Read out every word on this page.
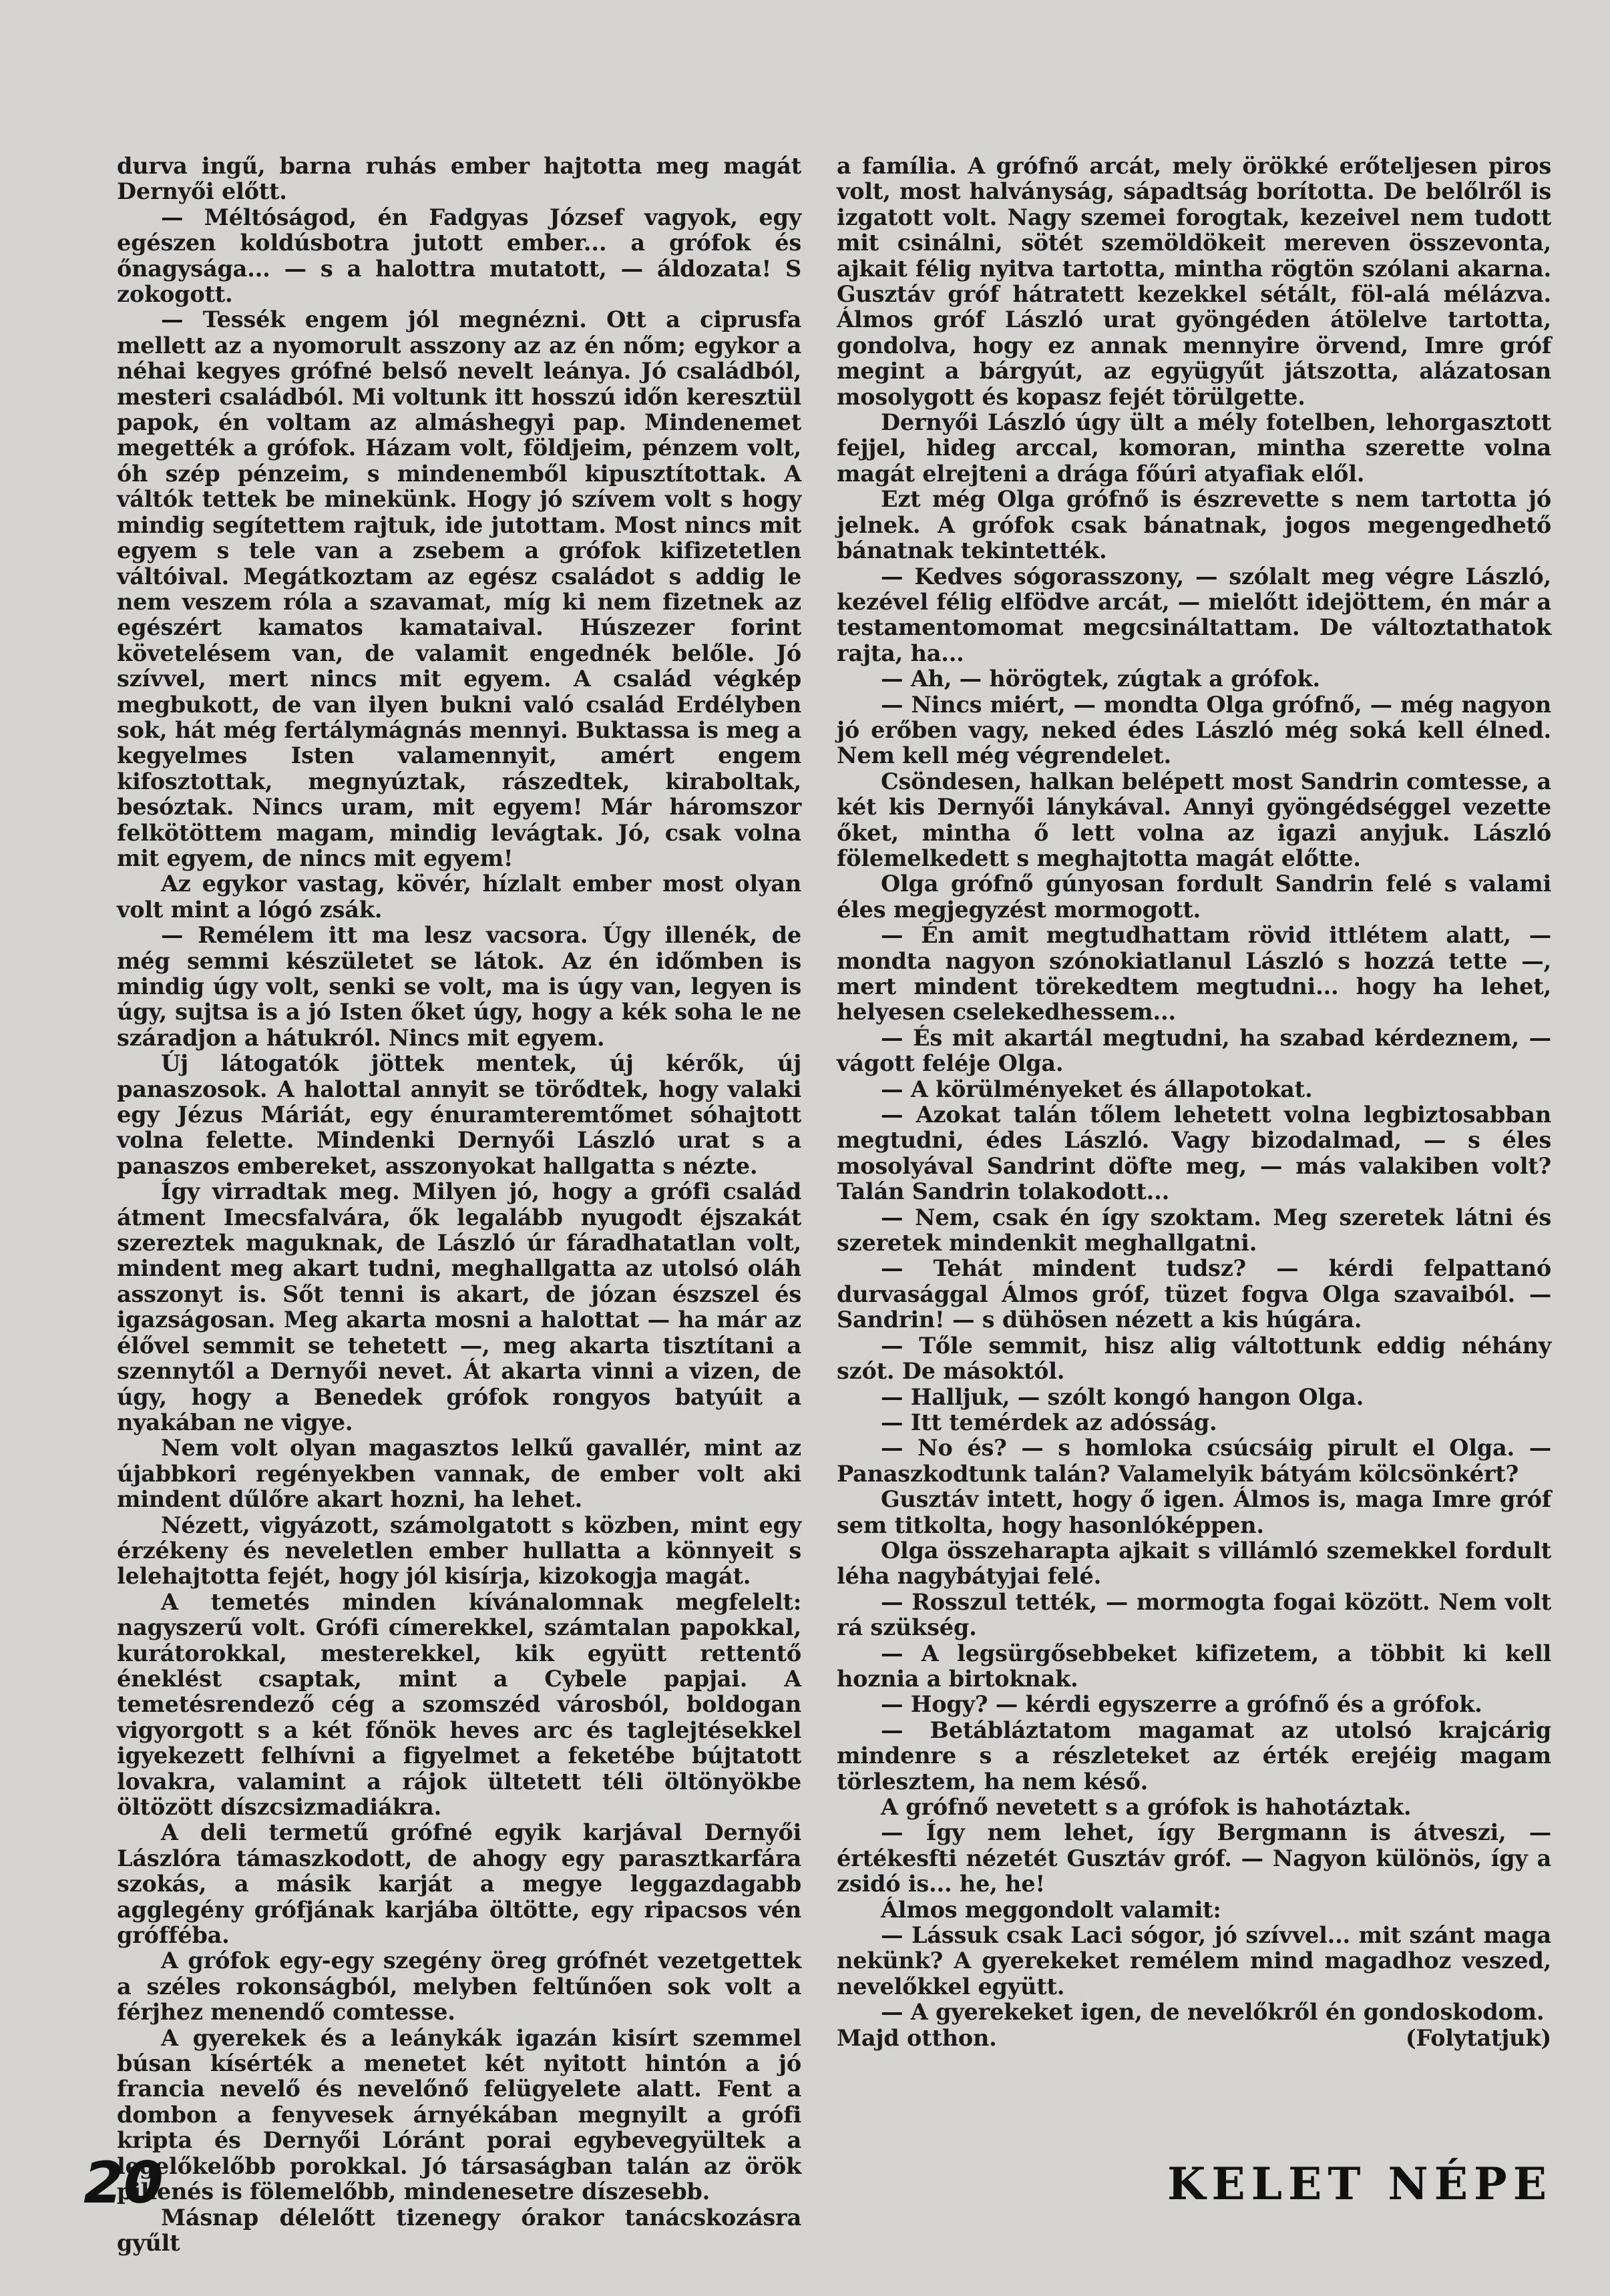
durva ingű, barna ruhás ember hajtotta meg magát Dernyői előtt.

— Méltóságod, én Fadgyas József vagyok, egy egészen koldúsbotra jutott ember... a grófok és őnagysága... — s a halottra mutatott, — áldozata! S zokogott.

— Tessék engem jól megnézni. Ott a ciprusfa mellett az a nyomorult asszony az az én nőm; egykor a néhai kegyes grófné belső nevelt leánya. Jó családból, mesteri családból. Mi voltunk itt hosszú időn keresztül papok, én voltam az almáshegyi pap. Mindenemet megették a grófok. Házam volt, földjeim, pénzem volt, óh szép pénzeim, s mindenemből kipusztítottak. A váltók tettek be minekünk. Hogy jó szívem volt s hogy mindig segítettem rajtuk, ide jutottam. Most nincs mit egyem s tele van a zsebem a grófok kifizetetlen váltóival. Megátkoztam az egész családot s addig le nem veszem róla a szavamat, míg ki nem fizetnek az egészért kamatos kamataival. Húszezer forint követelésem van, de valamit engednék belőle. Jó szívvel, mert nincs mit egyem. A család végkép megbukott, de van ilyen bukni való család Erdélyben sok, hát még fertálymágnás mennyi. Buktassa is meg a kegyelmes Isten valamennyit, amért engem kifosztottak, megnyúztak, rászedtek, kiraboltak, besóztak. Nincs uram, mit egyem! Már háromszor felkötöttem magam, mindig levágtak. Jó, csak volna mit egyem, de nincs mit egyem!

Az egykor vastag, kövér, hízlalt ember most olyan volt mint a lógó zsák.

— Remélem itt ma lesz vacsora. Úgy illenék, de még semmi készületet se látok. Az én időmben is mindig úgy volt, senki se volt, ma is úgy van, legyen is úgy, sujtsa is a jó Isten őket úgy, hogy a kék soha le ne száradjon a hátukról. Nincs mit egyem.

Új látogatók jöttek mentek, új kérők, új panaszosok. A halottal annyit se törődtek, hogy valaki egy Jézus Máriát, egy énuramteremtőmet sóhajtott volna felette. Mindenki Dernyői László urat s a panaszos embereket, asszonyokat hallgatta s nézte.

Így virradtak meg. Milyen jó, hogy a grófi család átment Imecsfalvára, ők legalább nyugodt éjszakát szereztek maguknak, de László úr fáradhatatlan volt, mindent meg akart tudni, meghallgatta az utolsó oláh asszonyt is. Sőt tenni is akart, de józan észszel és igazságosan. Meg akarta mosni a halottat — ha már az élővel semmit se tehetett —, meg akarta tisztítani a szennytől a Dernyői nevet. Át akarta vinni a vizen, de úgy, hogy a Benedek grófok rongyos batyúit a nyakában ne vigye.

Nem volt olyan magasztos lelkű gavallér, mint az újabbkori regényekben vannak, de ember volt aki mindent dűlőre akart hozni, ha lehet.

Nézett, vigyázott, számolgatott s közben, mint egy érzékeny és neveletlen ember hullatta a könnyeit s lelehajtotta fejét, hogy jól kisírja, kizokogja magát.

A temetés minden kívánalomnak megfelelt: nagyszerű volt. Grófi címerekkel, számtalan papokkal, kurátorokkal, mesterekkel, kik együtt rettentő éneklést csaptak, mint a Cybele papjai. A temetésrendező cég a szomszéd városból, boldogan vigyorgott s a két főnök heves arc és taglejtésekkel igyekezett felhívni a figyelmet a feketébe bújtatott lovakra, valamint a rájok ültetett téli öltönyökbe öltözött díszcsizmadiákra.

A deli termetű grófné egyik karjával Dernyői Lászlóra támaszkodott, de ahogy egy parasztkarfára szokás, a másik karját a megye leggazdagabb agglegény grófjának karjába öltötte, egy ripacsos vén grófféba.

A grófok egy-egy szegény öreg grófnét vezetgettek a széles rokonságból, melyben feltűnően sok volt a férjhez menendő comtesse.

A gyerekek és a leánykák igazán kisírt szemmel búsan kísérték a menetet két nyitott hintón a jó francia nevelő és nevelőnő felügyelete alatt. Fent a dombon a fenyvesek árnyékában megnyilt a grófi kripta és Dernyői Lóránt porai egybevegyültek a legelőkelőbb porokkal. Jó társaságban talán az örök pihenés is fölemelőbb, mindenesetre díszesebb.

Másnap délelőtt tizenegy órakor tanácskozásra gyűlt

a família. A grófnő arcát, mely örökké erőteljesen piros volt, most halványság, sápadtság borította. De belőlről is izgatott volt. Nagy szemei forogtak, kezeivel nem tudott mit csinálni, sötét szemöldökeit mereven összevonta, ajkait félig nyitva tartotta, mintha rögtön szólani akarna. Gusztáv gróf hátratett kezekkel sétált, föl-alá mélázva. Álmos gróf László urat gyöngéden átölelve tartotta, gondolva, hogy ez annak mennyire örvend, Imre gróf megint a bárgyút, az együgyűt játszotta, alázatosan mosolygott és kopasz fejét törülgette.

Dernyői László úgy ült a mély fotelben, lehorgasztott fejjel, hideg arccal, komoran, mintha szerette volna magát elrejteni a drága főúri atyafiak elől.

Ezt még Olga grófnő is észrevette s nem tartotta jó jelnek. A grófok csak bánatnak, jogos megengedhető bánatnak tekintették.

— Kedves sógorasszony, — szólalt meg végre László, kezével félig elfödve arcát, — mielőtt idejöttem, én már a testamentomomat megcsináltattam. De változtathatok rajta, ha...

— Ah, — hörögtek, zúgtak a grófok.

— Nincs miért, — mondta Olga grófnő, — még nagyon jó erőben vagy, neked édes László még soká kell élned. Nem kell még végrendelet.

Csöndesen, halkan belépett most Sandrin comtesse, a két kis Dernyői lánykával. Annyi gyöngédséggel vezette őket, mintha ő lett volna az igazi anyjuk. László fölemelkedett s meghajtotta magát előtte.

Olga grófnő gúnyosan fordult Sandrin felé s valami éles megjegyzést mormogott.

— Én amit megtudhattam rövid ittlétem alatt, — mondta nagyon szónokiatlanul László s hozzá tette —, mert mindent törekedtem megtudni... hogy ha lehet, helyesen cselekedhessem...

— És mit akartál megtudni, ha szabad kérdeznem, — vágott feléje Olga.

— A körülményeket és állapotokat.

— Azokat talán tőlem lehetett volna legbiztosabban megtudni, édes László. Vagy bizodalmad, — s éles mosolyával Sandrint döfte meg, — más valakiben volt? Talán Sandrin tolakodott...

— Nem, csak én így szoktam. Meg szeretek látni és szeretek mindenkit meghallgatni.

— Tehát mindent tudsz? — kérdi felpattanó durvasággal Álmos gróf, tüzet fogva Olga szavaiból. — Sandrin! — s dühösen nézett a kis húgára.

— Tőle semmit, hisz alig váltottunk eddig néhány szót. De másoktól.

— Halljuk, — szólt kongó hangon Olga.

— Itt temérdek az adósság.

— No és? — s homloka csúcsáig pirult el Olga. — Panaszkodtunk talán? Valamelyik bátyám kölcsönkért?

Gusztáv intett, hogy ő igen. Álmos is, maga Imre gróf sem titkolta, hogy hasonlóképpen.

Olga összeharapta ajkait s villámló szemekkel fordult léha nagybátyjai felé.

— Rosszul tették, — mormogta fogai között. Nem volt rá szükség.

— A legsürgősebbeket kifizetem, a többit ki kell hoznia a birtoknak.

— Hogy? — kérdi egyszerre a grófnő és a grófok.

— Betábláztatom magamat az utolsó krajcárig mindenre s a részleteket az érték erejéig magam törlesztem, ha nem késő.

A grófnő nevetett s a grófok is hahotáztak.

— Így nem lehet, így Bergmann is átveszi, — értékesfti nézetét Gusztáv gróf. — Nagyon különös, így a zsidó is... he, he!

Álmos meggondolt valamit:

— Lássuk csak Laci sógor, jó szívvel... mit szánt maga nekünk? A gyerekeket remélem mind magadhoz veszed, nevelőkkel együtt.

— A gyerekeket igen, de nevelőkről én gondoskodom.

Majd otthon.	(Folytatjuk)
20	KELET NÉPE
